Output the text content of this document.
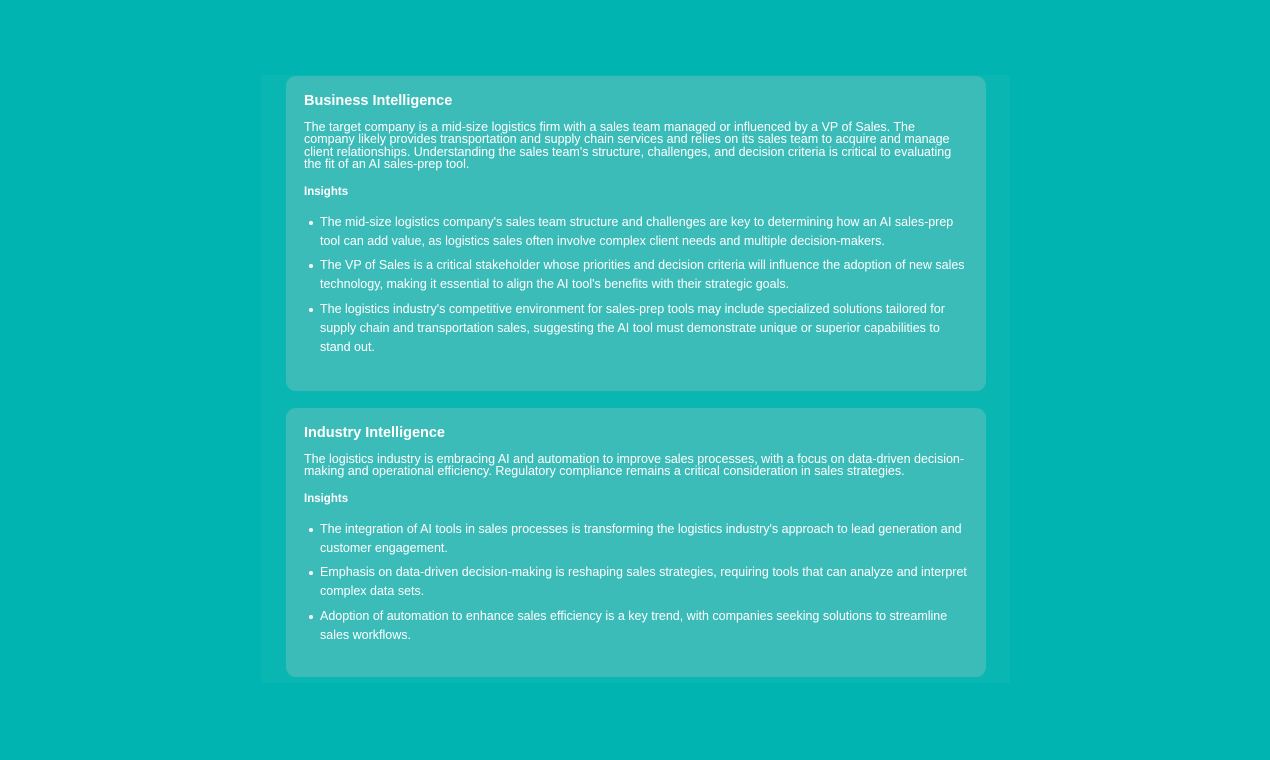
Business Intelligence

The target company is a mid-size logistics firm with a sales team managed or influenced by a VP of Sales. The company likely provides transportation and supply chain services and relies on its sales team to acquire and manage client relationships. Understanding the sales team's structure, challenges, and decision criteria is critical to evaluating the fit of an AI sales-prep tool.

Insights
The mid-size logistics company's sales team structure and challenges are key to determining how an AI sales-prep tool can add value, as logistics sales often involve complex client needs and multiple decision-makers.
The VP of Sales is a critical stakeholder whose priorities and decision criteria will influence the adoption of new sales technology, making it essential to align the AI tool's benefits with their strategic goals.
The logistics industry's competitive environment for sales-prep tools may include specialized solutions tailored for supply chain and transportation sales, suggesting the AI tool must demonstrate unique or superior capabilities to stand out.
Industry Intelligence

The logistics industry is embracing AI and automation to improve sales processes, with a focus on data-driven decision-making and operational efficiency. Regulatory compliance remains a critical consideration in sales strategies.

Insights
The integration of AI tools in sales processes is transforming the logistics industry's approach to lead generation and customer engagement.
Emphasis on data-driven decision-making is reshaping sales strategies, requiring tools that can analyze and interpret complex data sets.
Adoption of automation to enhance sales efficiency is a key trend, with companies seeking solutions to streamline sales workflows.
